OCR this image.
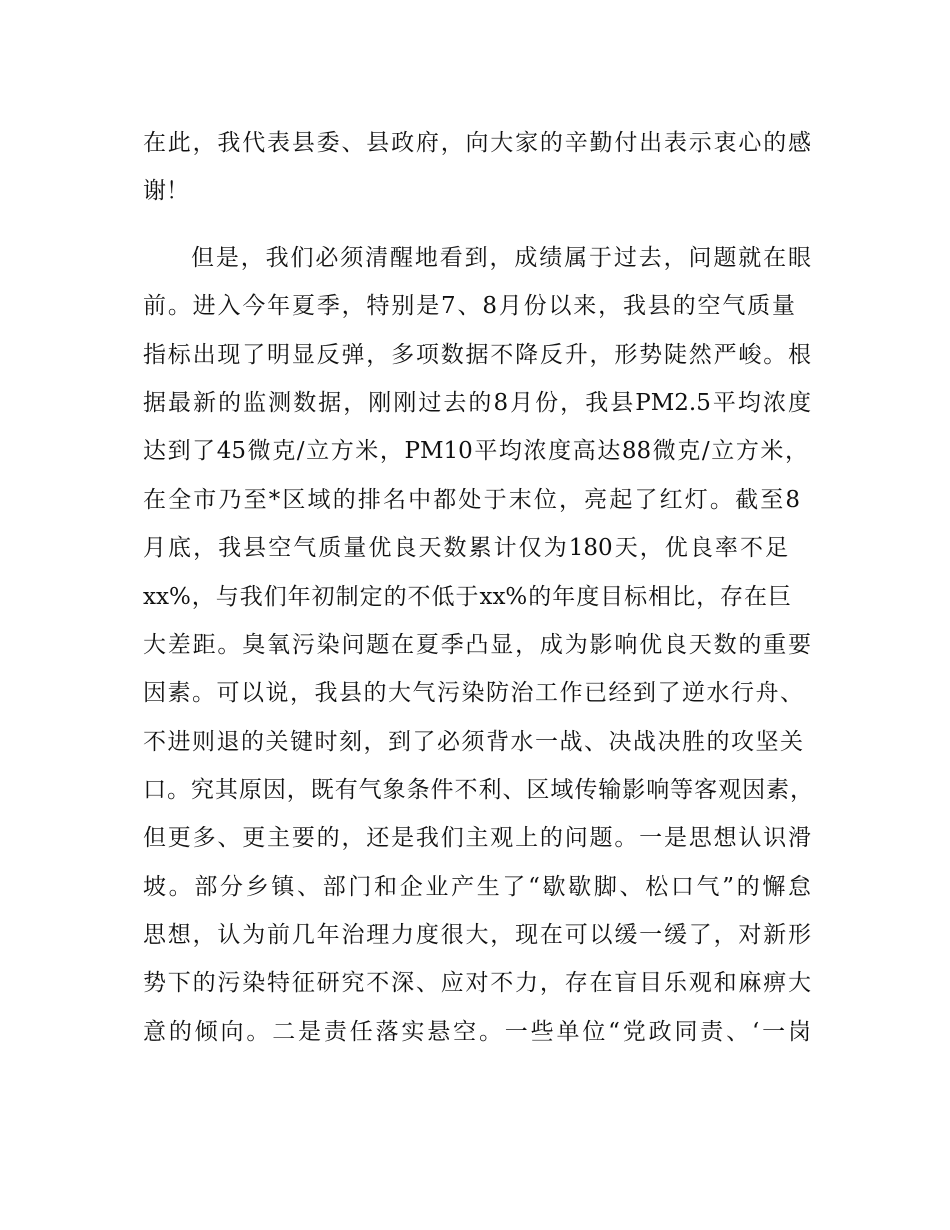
在此，我代表县委、县政府，向大家的辛勤付出表示衷心的感
谢！
但是，我们必须清醒地看到，成绩属于过去，问题就在眼
前。进入今年夏季，特别是7、8月份以来，我县的空气质量
指标出现了明显反弹，多项数据不降反升，形势陡然严峻。根
据最新的监测数据，刚刚过去的8月份，我县PM2.5平均浓度
达到了45微克/立方米，PM10平均浓度高达88微克/立方米，
在全市乃至*区域的排名中都处于末位，亮起了红灯。截至8
月底，我县空气质量优良天数累计仅为180天，优良率不足
xx%，与我们年初制定的不低于xx%的年度目标相比，存在巨
大差距。臭氧污染问题在夏季凸显，成为影响优良天数的重要
因素。可以说，我县的大气污染防治工作已经到了逆水行舟、
不进则退的关键时刻，到了必须背水一战、决战决胜的攻坚关
口。究其原因，既有气象条件不利、区域传输影响等客观因素，
但更多、更主要的，还是我们主观上的问题。一是思想认识滑
坡。部分乡镇、部门和企业产生了“歇歇脚、松口气”的懈怠
思想，认为前几年治理力度很大，现在可以缓一缓了，对新形
势下的污染特征研究不深、应对不力，存在盲目乐观和麻痹大
意的倾向。二是责任落实悬空。一些单位“党政同责、‘一岗
